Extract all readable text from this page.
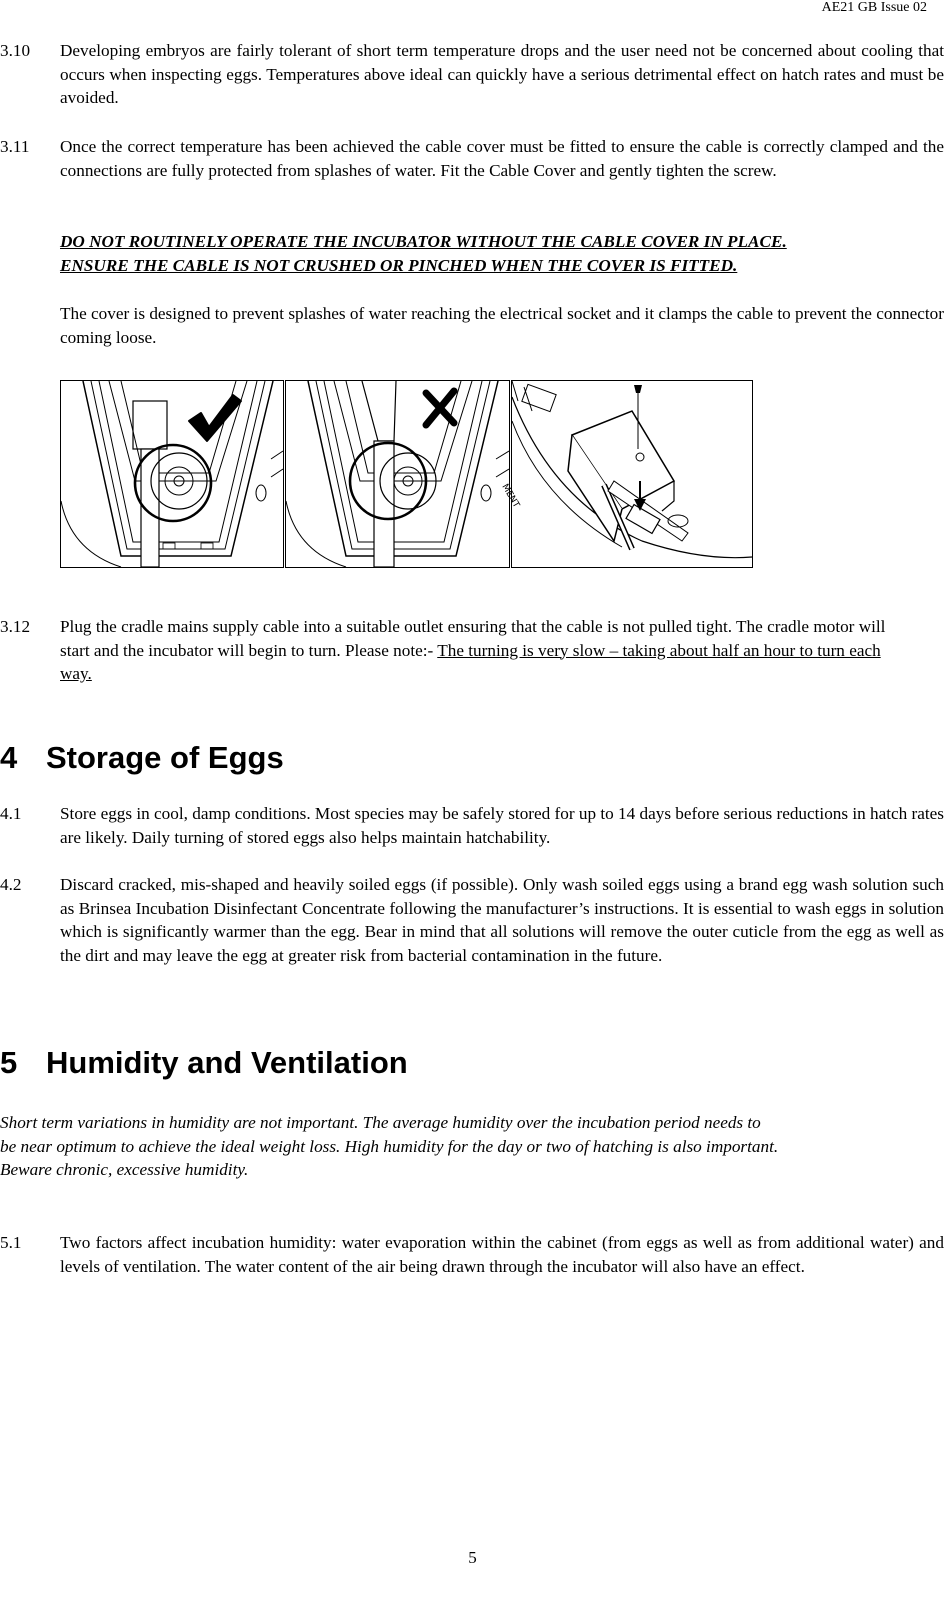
AE21 GB Issue 02
3.10 Developing embryos are fairly tolerant of short term temperature drops and the user need not be concerned about cooling that occurs when inspecting eggs. Temperatures above ideal can quickly have a serious detrimental effect on hatch rates and must be avoided.
3.11 Once the correct temperature has been achieved the cable cover must be fitted to ensure the cable is correctly clamped and the connections are fully protected from splashes of water. Fit the Cable Cover and gently tighten the screw.
DO NOT ROUTINELY OPERATE THE INCUBATOR WITHOUT THE CABLE COVER IN PLACE.
ENSURE THE CABLE IS NOT CRUSHED OR PINCHED WHEN THE COVER IS FITTED.
The cover is designed to prevent splashes of water reaching the electrical socket and it clamps the cable to prevent the connector coming loose.
MENT
3.12 Plug the cradle mains supply cable into a suitable outlet ensuring that the cable is not pulled tight. The cradle motor will start and the incubator will begin to turn. Please note:- The turning is very slow – taking about half an hour to turn each way.
4 Storage of Eggs
4.1 Store eggs in cool, damp conditions. Most species may be safely stored for up to 14 days before serious reductions in hatch rates are likely. Daily turning of stored eggs also helps maintain hatchability.
4.2 Discard cracked, mis-shaped and heavily soiled eggs (if possible). Only wash soiled eggs using a brand egg wash solution such as Brinsea Incubation Disinfectant Concentrate following the manufacturer’s instructions. It is essential to wash eggs in solution which is significantly warmer than the egg. Bear in mind that all solutions will remove the outer cuticle from the egg as well as the dirt and may leave the egg at greater risk from bacterial contamination in the future.
5 Humidity and Ventilation
Short term variations in humidity are not important. The average humidity over the incubation period needs to
be near optimum to achieve the ideal weight loss. High humidity for the day or two of hatching is also important.
Beware chronic, excessive humidity.
5.1 Two factors affect incubation humidity: water evaporation within the cabinet (from eggs as well as from additional water) and levels of ventilation. The water content of the air being drawn through the incubator will also have an effect.
5
